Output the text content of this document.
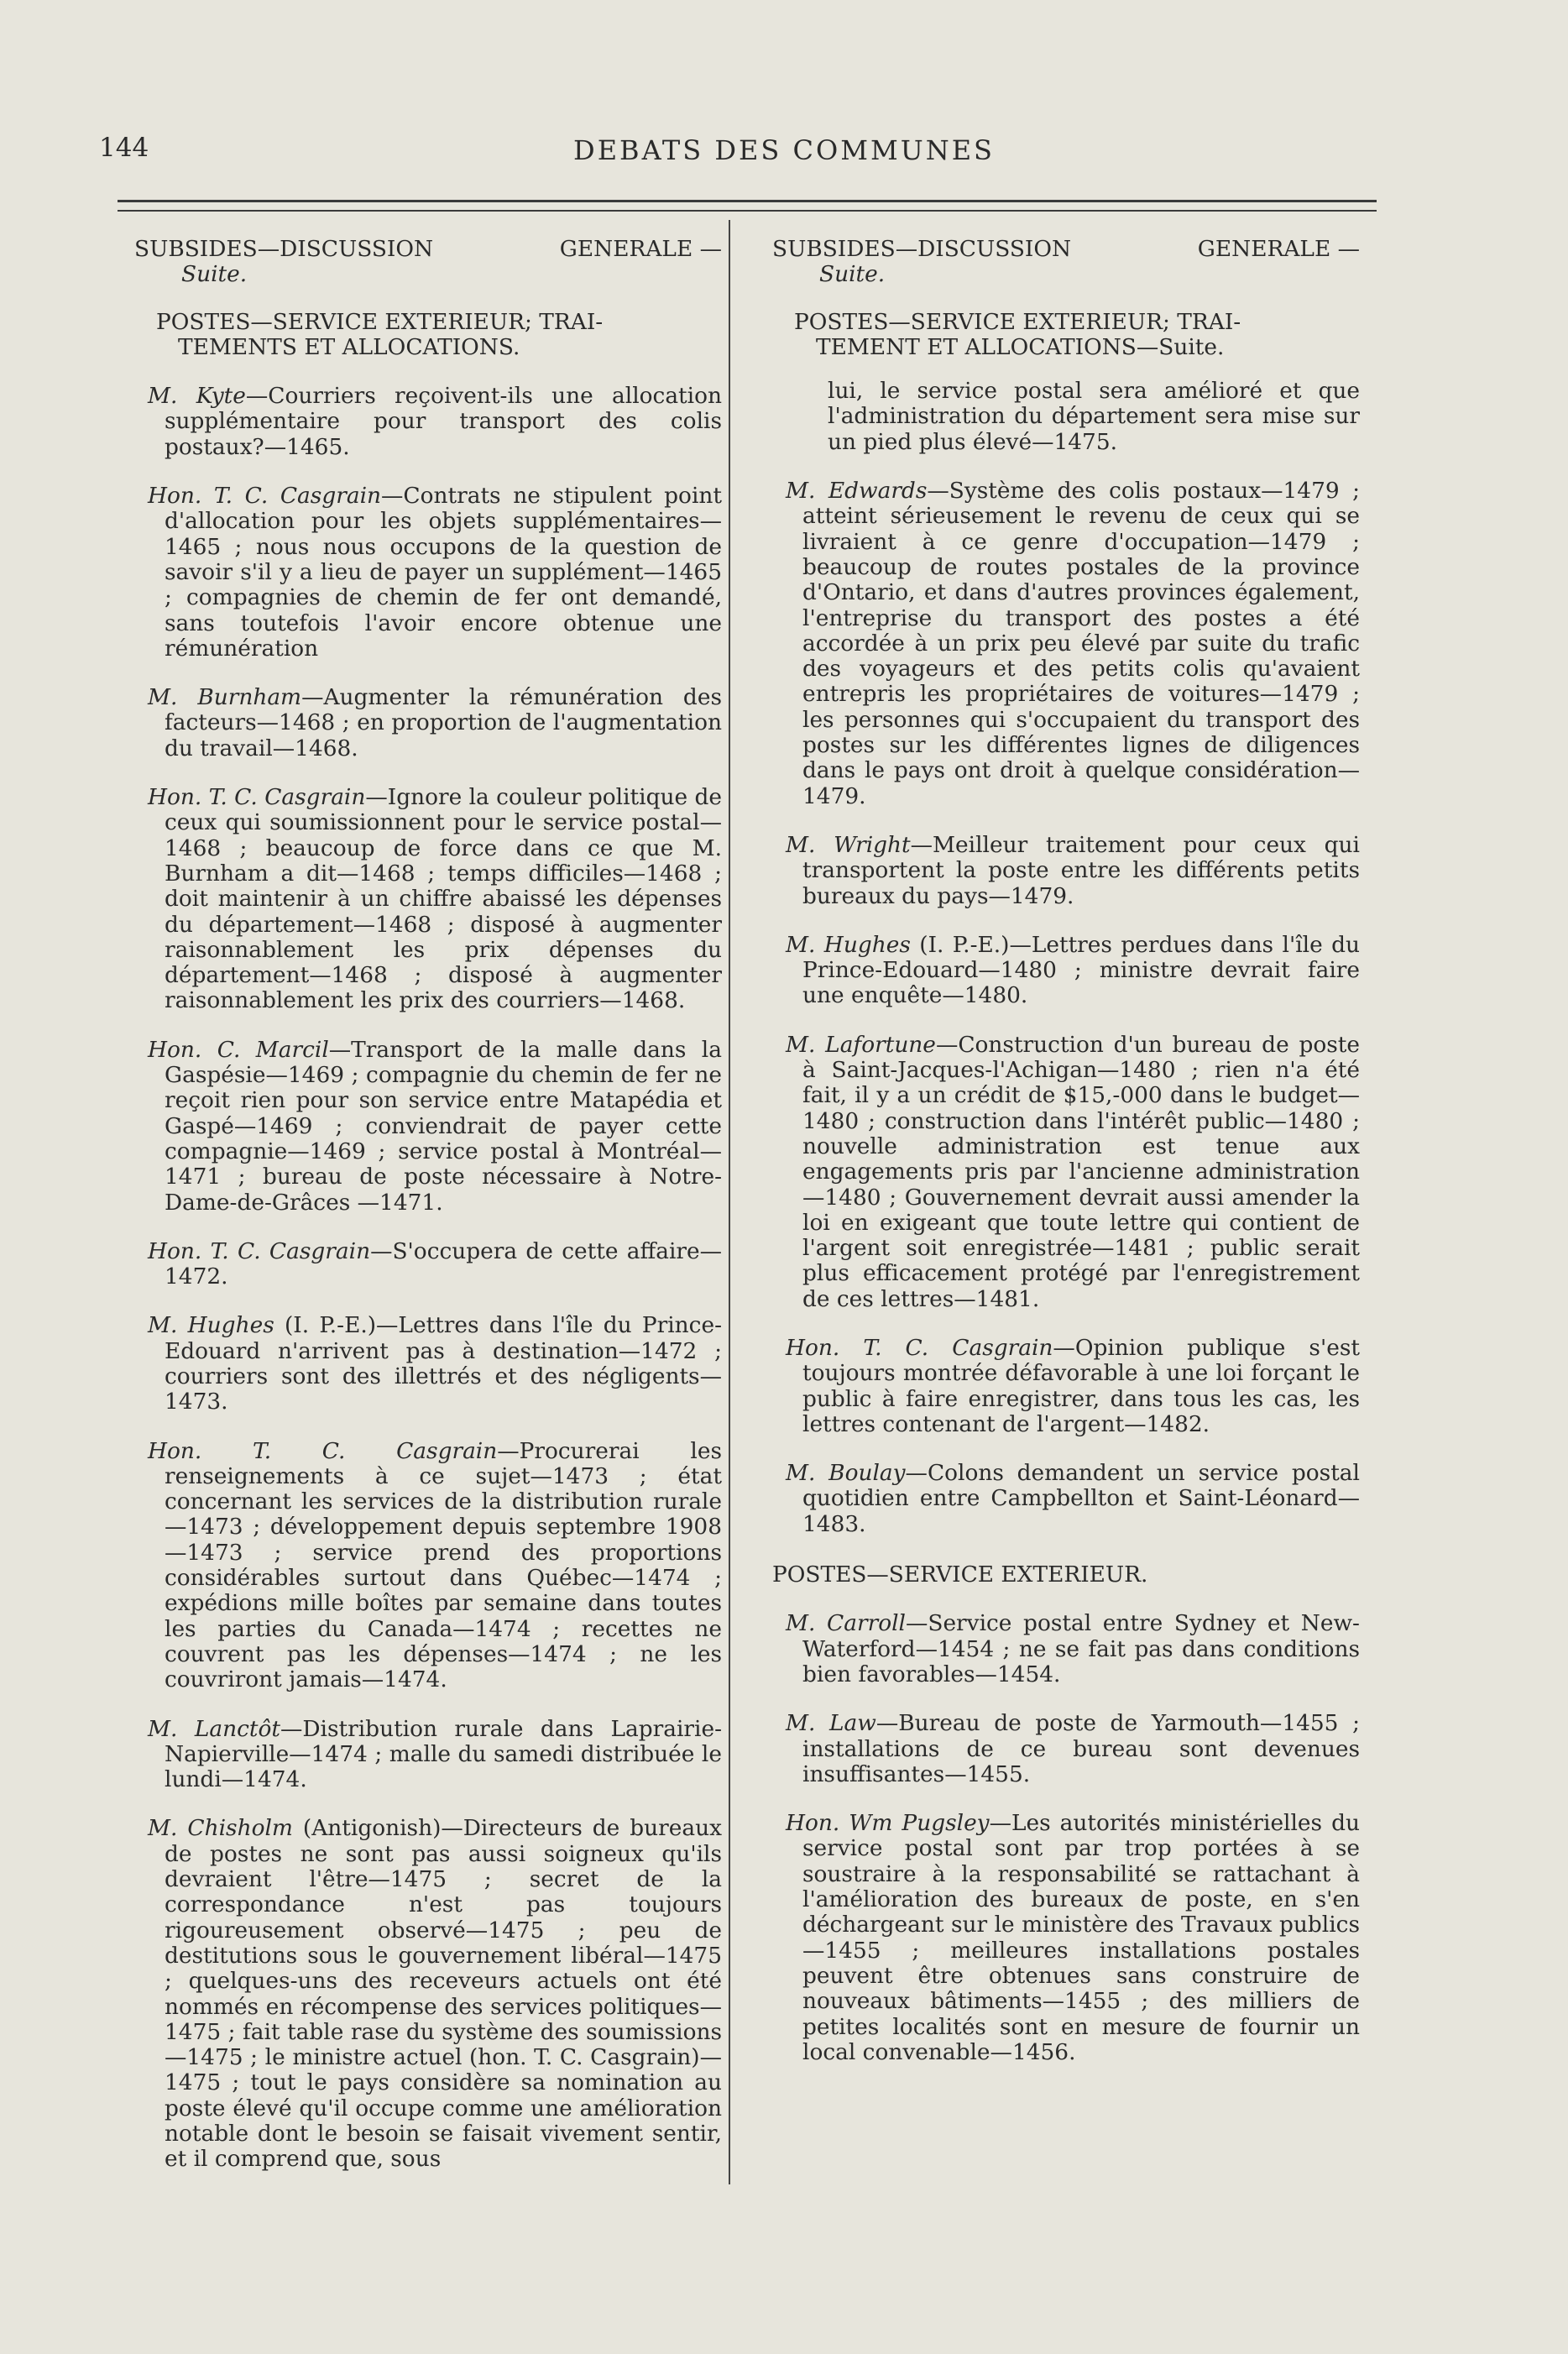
144	DEBATS DES COMMUNES
SUBSIDES—DISCUSSION	GENERALE —
Suite.
POSTES—SERVICE EXTERIEUR; TRAI-
TEMENTS ET ALLOCATIONS.
M. Kyte—Courriers reçoivent-ils une allocation supplémentaire pour transport des colis postaux?—1465.
Hon. T. C. Casgrain—Contrats ne stipulent point d'allocation pour les objets supplémentaires—1465 ; nous nous occupons de la question de savoir s'il y a lieu de payer un supplément—1465 ; compagnies de chemin de fer ont demandé, sans toutefois l'avoir encore obtenue une rémunération
M. Burnham—Augmenter la rémunération des facteurs—1468 ; en proportion de l'augmentation du travail—1468.
Hon. T. C. Casgrain—Ignore la couleur politique de ceux qui soumissionnent pour le service postal—1468 ; beaucoup de force dans ce que M. Burnham a dit—1468 ; temps difficiles—1468 ; doit maintenir à un chiffre abaissé les dépenses du département—1468 ; disposé à augmenter raisonnablement les prix dépenses du département—1468 ; disposé à augmenter raisonnablement les prix des courriers—1468.
Hon. C. Marcil—Transport de la malle dans la Gaspésie—1469 ; compagnie du chemin de fer ne reçoit rien pour son service entre Matapédia et Gaspé—1469 ; conviendrait de payer cette compagnie—1469 ; service postal à Montréal—1471 ; bureau de poste nécessaire à Notre-Dame-de-Grâces —1471.
Hon. T. C. Casgrain—S'occupera de cette affaire—1472.
M. Hughes (I. P.-E.)—Lettres dans l'île du Prince-Edouard n'arrivent pas à destination—1472 ; courriers sont des illettrés et des négligents—1473.
Hon. T. C. Casgrain—Procurerai les renseignements à ce sujet—1473 ; état concernant les services de la distribution rurale —1473 ; développement depuis septembre 1908—1473 ; service prend des proportions considérables surtout dans Québec—1474 ; expédions mille boîtes par semaine dans toutes les parties du Canada—1474 ; recettes ne couvrent pas les dépenses—1474 ; ne les couvriront jamais—1474.
M. Lanctôt—Distribution rurale dans Laprairie-Napierville—1474 ; malle du samedi distribuée le lundi—1474.
M. Chisholm (Antigonish)—Directeurs de bureaux de postes ne sont pas aussi soigneux qu'ils devraient l'être—1475 ; secret de la correspondance n'est pas toujours rigoureusement observé—1475 ; peu de destitutions sous le gouvernement libéral—1475 ; quelques-uns des receveurs actuels ont été nommés en récompense des services politiques—1475 ; fait table rase du système des soumissions—1475 ; le ministre actuel (hon. T. C. Casgrain)—1475 ; tout le pays considère sa nomination au poste élevé qu'il occupe comme une amélioration notable dont le besoin se faisait vivement sentir, et il comprend que, sous
SUBSIDES—DISCUSSION	GENERALE —
Suite.
POSTES—SERVICE EXTERIEUR; TRAI-
TEMENT ET ALLOCATIONS—Suite.
lui, le service postal sera amélioré et que l'administration du département sera mise sur un pied plus élevé—1475.
M. Edwards—Système des colis postaux—1479 ; atteint sérieusement le revenu de ceux qui se livraient à ce genre d'occupation—1479 ; beaucoup de routes postales de la province d'Ontario, et dans d'autres provinces également, l'entreprise du transport des postes a été accordée à un prix peu élevé par suite du trafic des voyageurs et des petits colis qu'avaient entrepris les propriétaires de voitures—1479 ; les personnes qui s'occupaient du transport des postes sur les différentes lignes de diligences dans le pays ont droit à quelque considération—1479.
M. Wright—Meilleur traitement pour ceux qui transportent la poste entre les différents petits bureaux du pays—1479.
M. Hughes (I. P.-E.)—Lettres perdues dans l'île du Prince-Edouard—1480 ; ministre devrait faire une enquête—1480.
M. Lafortune—Construction d'un bureau de poste à Saint-Jacques-l'Achigan—1480 ; rien n'a été fait, il y a un crédit de $15,-000 dans le budget—1480 ; construction dans l'intérêt public—1480 ; nouvelle administration est tenue aux engagements pris par l'ancienne administration—1480 ; Gouvernement devrait aussi amender la loi en exigeant que toute lettre qui contient de l'argent soit enregistrée—1481 ; public serait plus efficacement protégé par l'enregistrement de ces lettres—1481.
Hon. T. C. Casgrain—Opinion publique s'est toujours montrée défavorable à une loi forçant le public à faire enregistrer, dans tous les cas, les lettres contenant de l'argent—1482.
M. Boulay—Colons demandent un service postal quotidien entre Campbellton et Saint-Léonard—1483.
POSTES—SERVICE EXTERIEUR.
M. Carroll—Service postal entre Sydney et New-Waterford—1454 ; ne se fait pas dans conditions bien favorables—1454.
M. Law—Bureau de poste de Yarmouth—1455 ; installations de ce bureau sont devenues insuffisantes—1455.
Hon. Wm Pugsley—Les autorités ministérielles du service postal sont par trop portées à se soustraire à la responsabilité se rattachant à l'amélioration des bureaux de poste, en s'en déchargeant sur le ministère des Travaux publics—1455 ; meilleures installations postales peuvent être obtenues sans construire de nouveaux bâtiments—1455 ; des milliers de petites localités sont en mesure de fournir un local convenable—1456.
